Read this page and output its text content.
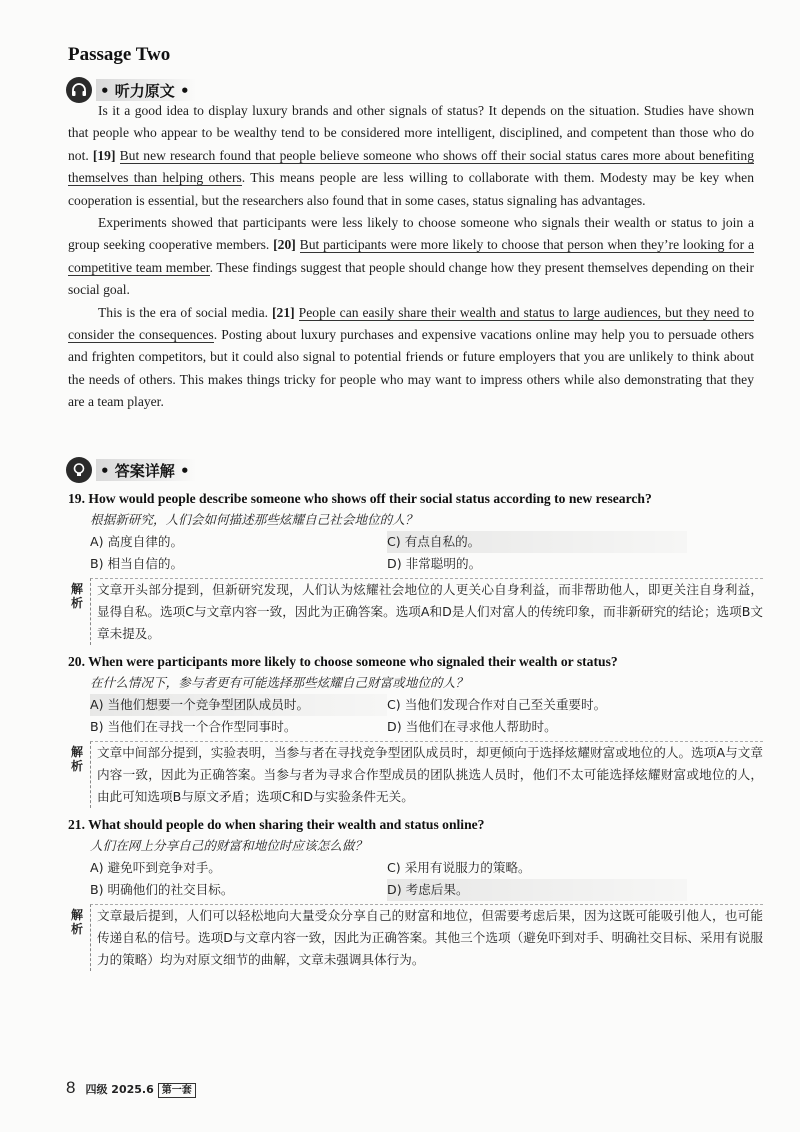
Passage Two
• 听力原文 •

Is it a good idea to display luxury brands and other signals of status? It depends on the situation. Studies have shown that people who appear to be wealthy tend to be considered more intelligent, disciplined, and competent than those who do not. [19] But new research found that people believe someone who shows off their social status cares more about benefiting themselves than helping others. This means people are less willing to collaborate with them. Modesty may be key when cooperation is essential, but the researchers also found that in some cases, status signaling has advantages.

Experiments showed that participants were less likely to choose someone who signals their wealth or status to join a group seeking cooperative members. [20] But participants were more likely to choose that person when they’re looking for a competitive team member. These findings suggest that people should change how they present themselves depending on their social goal.

This is the era of social media. [21] People can easily share their wealth and status to large audiences, but they need to consider the consequences. Posting about luxury purchases and expensive vacations online may help you to persuade others and frighten competitors, but it could also signal to potential friends or future employers that you are unlikely to think about the needs of others. This makes things tricky for people who may want to impress others while also demonstrating that they are a team player.

• 答案详解 •
19. How would people describe someone who shows off their social status according to new research?
根据新研究，人们会如何描述那些炫耀自己社会地位的人？
A) 高度自律的。	C) 有点自私的。
B) 相当自信的。	D) 非常聪明的。
解
析
文章开头部分提到，但新研究发现，人们认为炫耀社会地位的人更关心自身利益，而非帮助他人，即更关注自身利益，显得自私。选项C与文章内容一致，因此为正确答案。选项A和D是人们对富人的传统印象，而非新研究的结论；选项B文章未提及。
20. When were participants more likely to choose someone who signaled their wealth or status?
在什么情况下，参与者更有可能选择那些炫耀自己财富或地位的人？
A) 当他们想要一个竞争型团队成员时。	C) 当他们发现合作对自己至关重要时。
B) 当他们在寻找一个合作型同事时。	D) 当他们在寻求他人帮助时。
解
析
文章中间部分提到，实验表明，当参与者在寻找竞争型团队成员时，却更倾向于选择炫耀财富或地位的人。选项A与文章内容一致，因此为正确答案。当参与者为寻求合作型成员的团队挑选人员时，他们不太可能选择炫耀财富或地位的人，由此可知选项B与原文矛盾；选项C和D与实验条件无关。
21. What should people do when sharing their wealth and status online?
人们在网上分享自己的财富和地位时应该怎么做？
A) 避免吓到竞争对手。	C) 采用有说服力的策略。
B) 明确他们的社交目标。	D) 考虑后果。
解
析
文章最后提到，人们可以轻松地向大量受众分享自己的财富和地位，但需要考虑后果，因为这既可能吸引他人，也可能传递自私的信号。选项D与文章内容一致，因此为正确答案。其他三个选项（避免吓到对手、明确社交目标、采用有说服力的策略）均为对原文细节的曲解，文章未强调具体行为。
8 四级 2025.6 第一套
